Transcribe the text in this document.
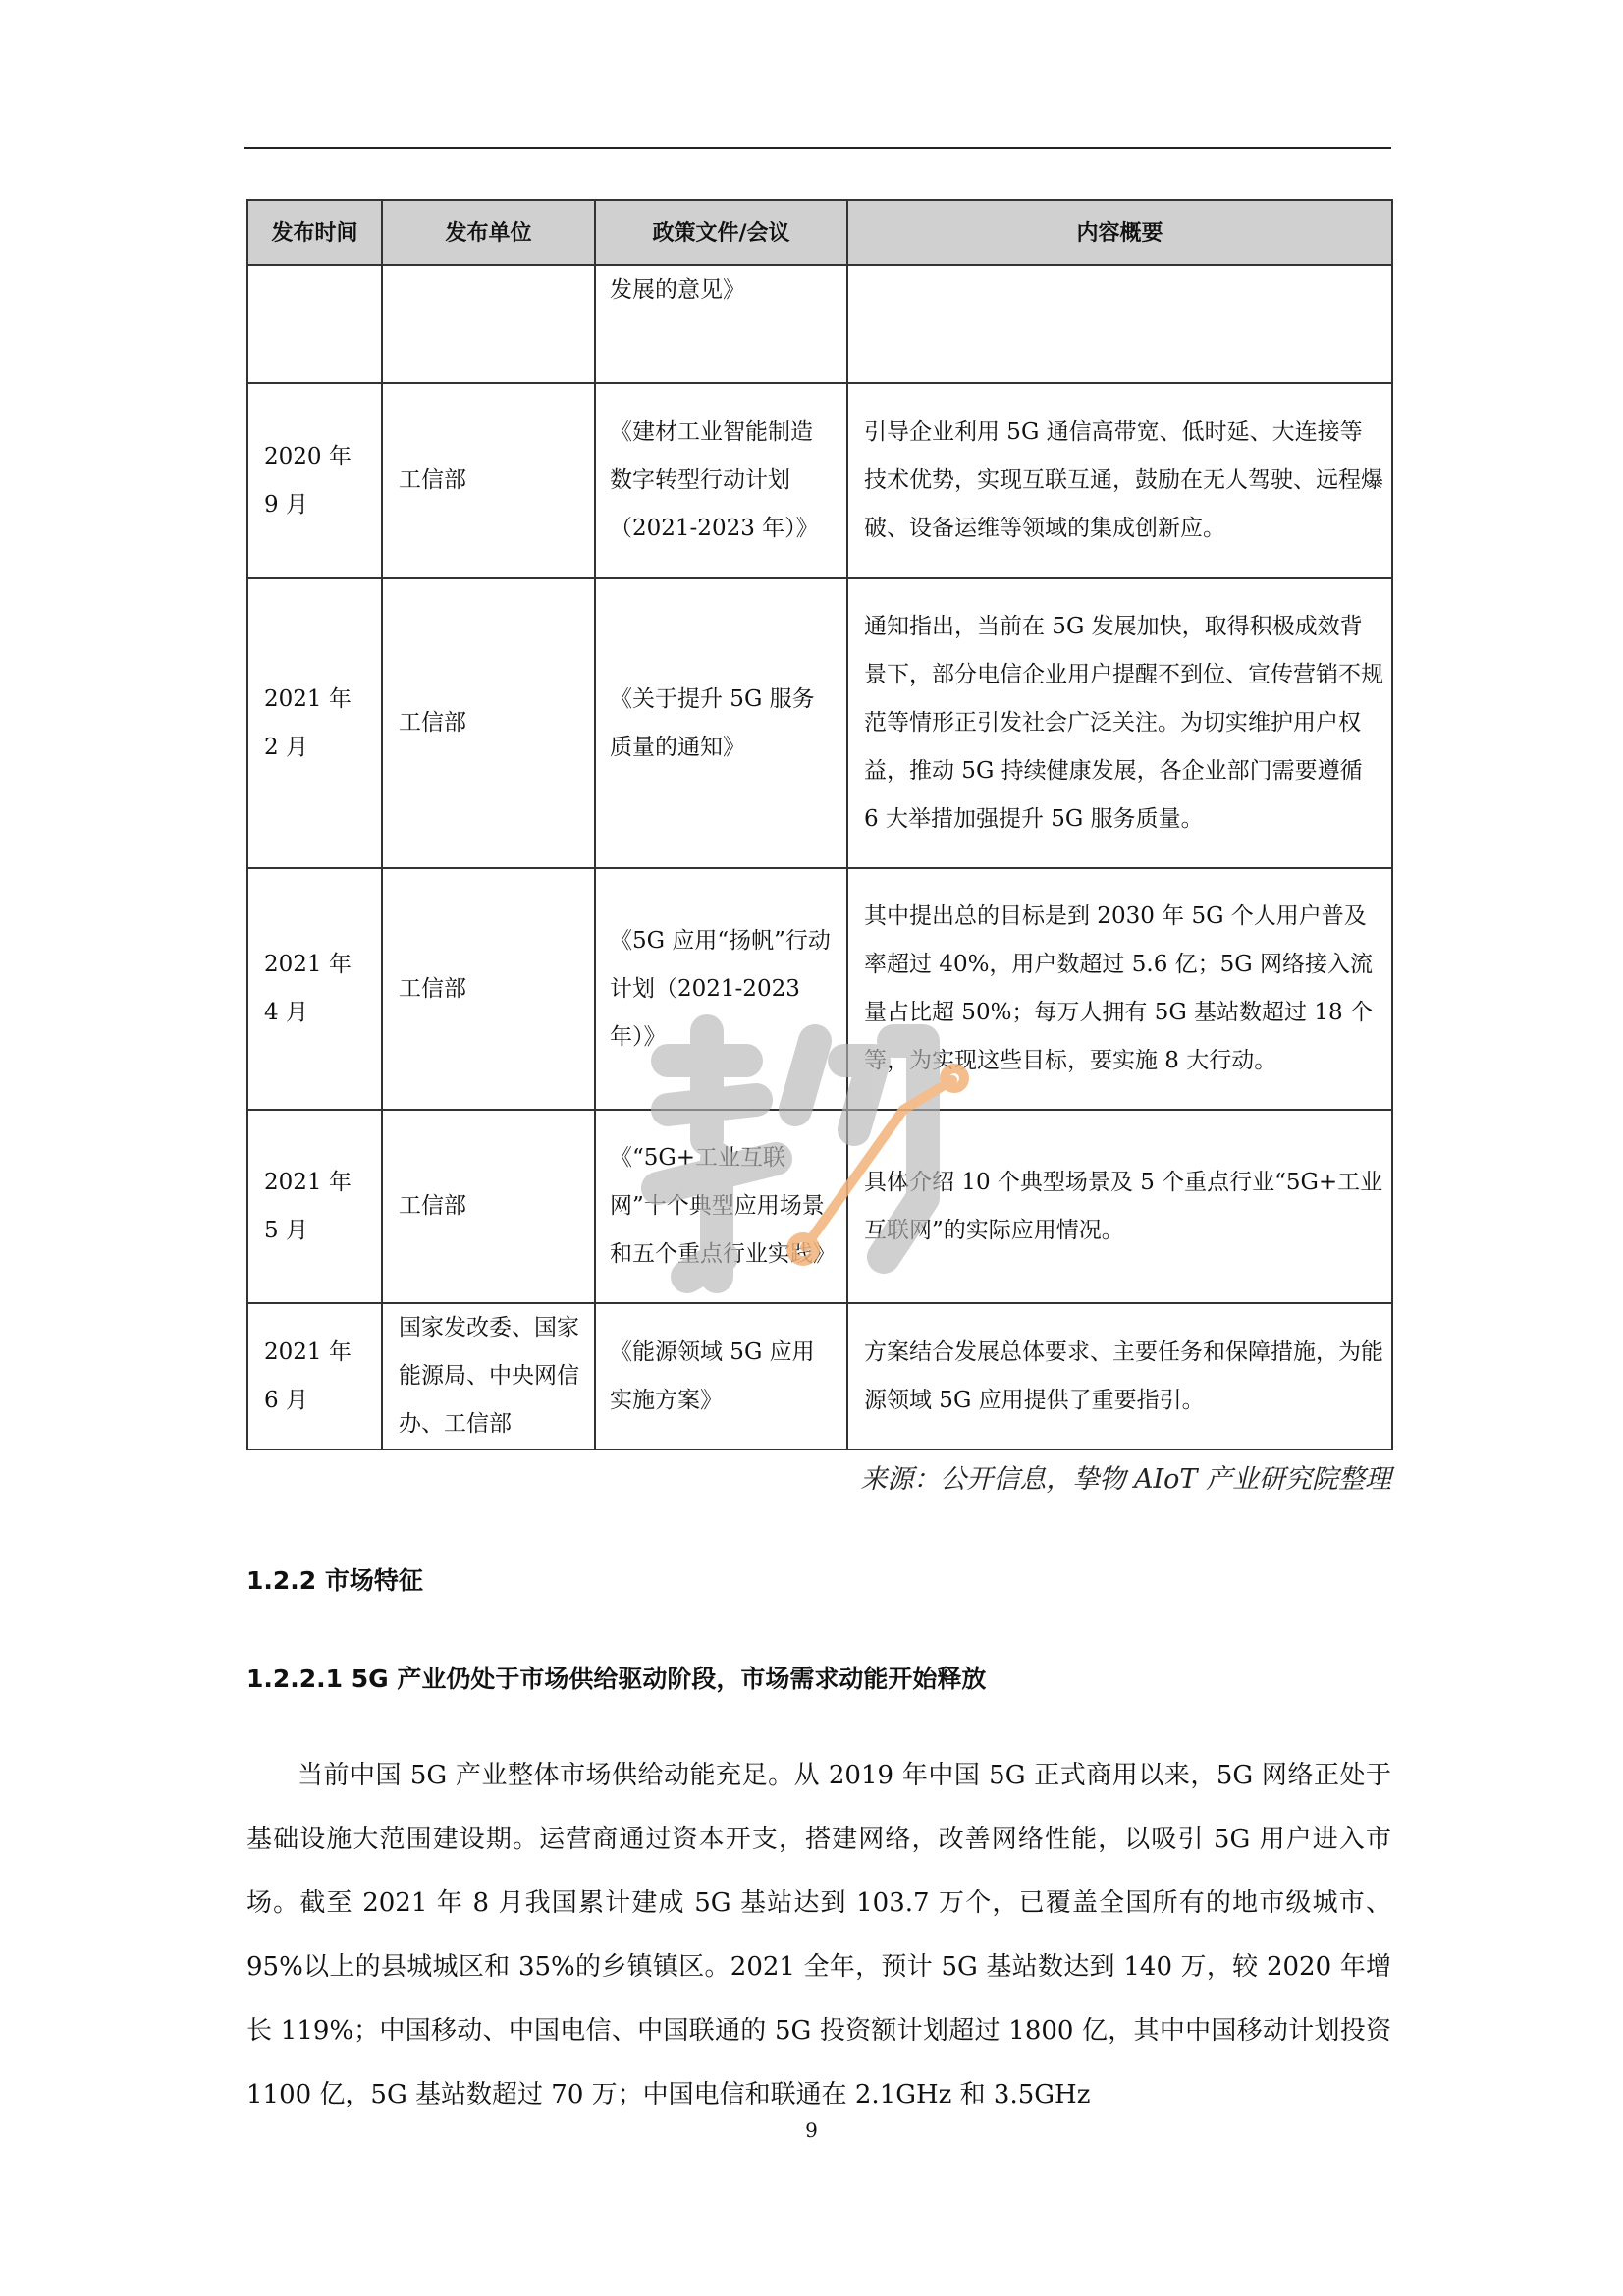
发布时间	发布单位	政策文件/会议	内容概要
		发展的意见》	
2020 年 9 月	工信部	《建材工业智能制造数字转型行动计划（2021-2023 年）》	引导企业利用 5G 通信高带宽、低时延、大连接等技术优势，实现互联互通，鼓励在无人驾驶、远程爆破、设备运维等领域的集成创新应。
2021 年 2 月	工信部	《关于提升 5G 服务质量的通知》	通知指出，当前在 5G 发展加快，取得积极成效背景下，部分电信企业用户提醒不到位、宣传营销不规范等情形正引发社会广泛关注。为切实维护用户权益，推动 5G 持续健康发展，各企业部门需要遵循 6 大举措加强提升 5G 服务质量。
2021 年 4 月	工信部	《5G 应用“扬帆”行动计划（2021-2023 年）》	其中提出总的目标是到 2030 年 5G 个人用户普及率超过 40%，用户数超过 5.6 亿；5G 网络接入流量占比超 50%；每万人拥有 5G 基站数超过 18 个等，为实现这些目标，要实施 8 大行动。
2021 年 5 月	工信部	《“5G+工业互联网”十个典型应用场景和五个重点行业实践》	具体介绍 10 个典型场景及 5 个重点行业“5G+工业互联网”的实际应用情况。
2021 年 6 月	国家发改委、国家能源局、中央网信办、工信部	《能源领域 5G 应用实施方案》	方案结合发展总体要求、主要任务和保障措施，为能源领域 5G 应用提供了重要指引。
来源：公开信息，挚物 AIoT 产业研究院整理
1.2.2 市场特征
1.2.2.1 5G 产业仍处于市场供给驱动阶段，市场需求动能开始释放

当前中国 5G 产业整体市场供给动能充足。从 2019 年中国 5G 正式商用以来，5G 网络正处于基础设施大范围建设期。运营商通过资本开支，搭建网络，改善网络性能，以吸引 5G 用户进入市场。截至 2021 年 8 月我国累计建成 5G 基站达到 103.7 万个，已覆盖全国所有的地市级城市、95%以上的县城城区和 35%的乡镇镇区。2021 全年，预计 5G 基站数达到 140 万，较 2020 年增长 119%；中国移动、中国电信、中国联通的 5G 投资额计划超过 1800 亿，其中中国移动计划投资 1100 亿，5G 基站数超过 70 万；中国电信和联通在 2.1GHz 和 3.5GHz

9
